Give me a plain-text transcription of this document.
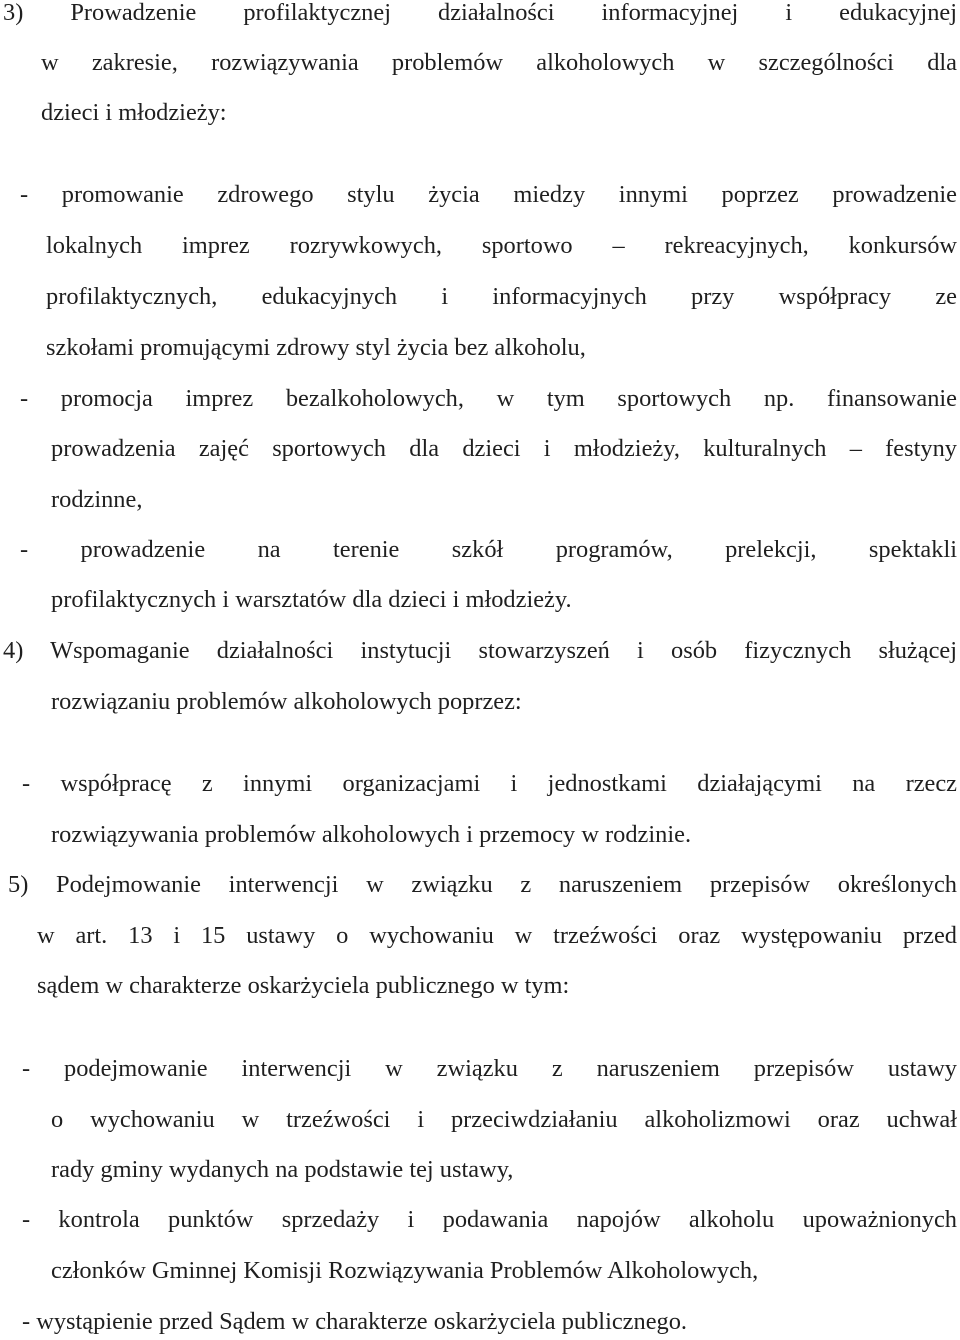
3) Prowadzenie profilaktycznej działalności informacyjnej i edukacyjnej
w zakresie, rozwiązywania problemów alkoholowych w szczególności dla
dzieci i młodzieży:
- promowanie zdrowego stylu życia miedzy innymi poprzez prowadzenie
lokalnych imprez rozrywkowych, sportowo – rekreacyjnych, konkursów
profilaktycznych, edukacyjnych i informacyjnych przy współpracy ze
szkołami promującymi zdrowy styl życia bez alkoholu,
- promocja imprez bezalkoholowych, w tym sportowych np. finansowanie
prowadzenia zajęć sportowych dla dzieci i młodzieży, kulturalnych – festyny
rodzinne,
- prowadzenie na terenie szkół programów, prelekcji, spektakli
profilaktycznych i warsztatów dla dzieci i młodzieży.
4) Wspomaganie działalności instytucji stowarzyszeń i osób fizycznych służącej
rozwiązaniu problemów alkoholowych poprzez:
- współpracę z innymi organizacjami i jednostkami działającymi na rzecz
rozwiązywania problemów alkoholowych i przemocy w rodzinie.
5) Podejmowanie interwencji w związku z naruszeniem przepisów określonych
w art. 13 i 15 ustawy o wychowaniu w trzeźwości oraz występowaniu przed
sądem w charakterze oskarżyciela publicznego w tym:
- podejmowanie interwencji w związku z naruszeniem przepisów ustawy
o wychowaniu w trzeźwości i przeciwdziałaniu alkoholizmowi oraz uchwał
rady gminy wydanych na podstawie tej ustawy,
- kontrola punktów sprzedaży i podawania napojów alkoholu upoważnionych
członków Gminnej Komisji Rozwiązywania Problemów Alkoholowych,
- wystąpienie przed Sądem w charakterze oskarżyciela publicznego.
